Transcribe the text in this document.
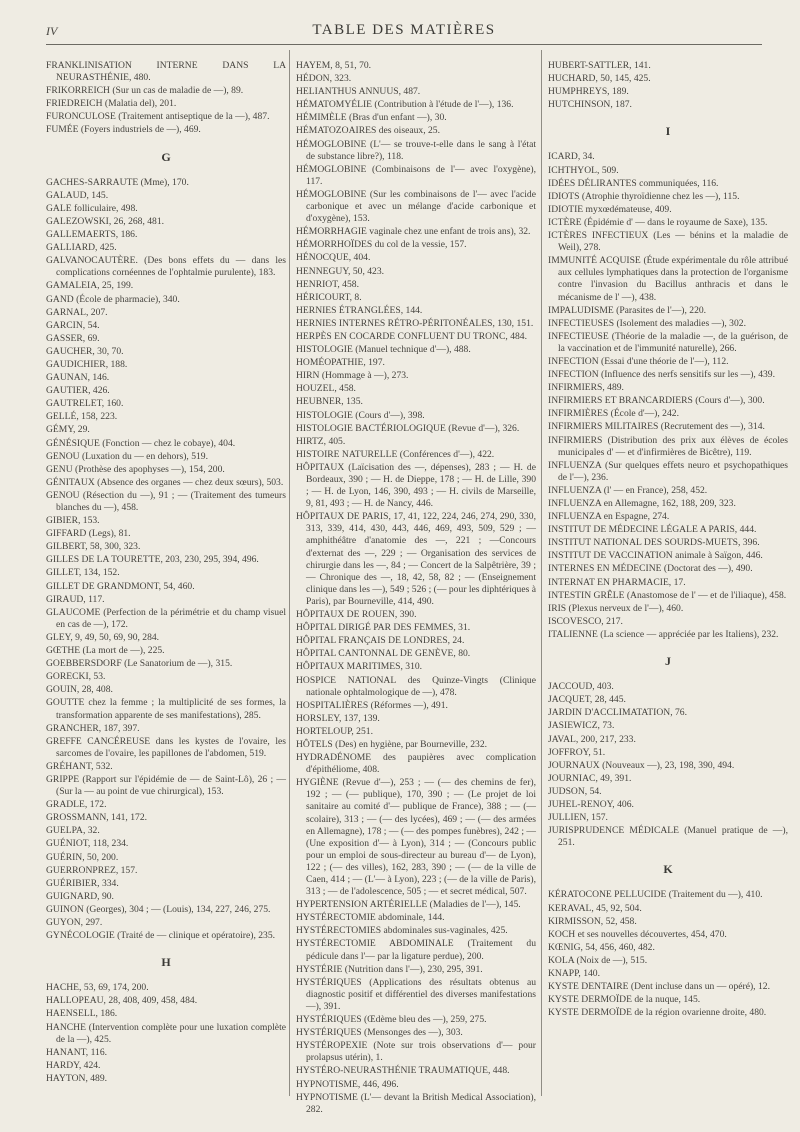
IV	TABLE DES MATIÈRES
FRANKLINISATION INTERNE DANS LA NEURASTHÉNIE, 480.
FRIKORREICH (Sur un cas de maladie de —), 89.
FRIEDREICH (Malatia del), 201.
FURONCULOSE (Traitement antiseptique de la —), 487.
FUMÉE (Foyers industriels de —), 469.
G
GACHES-SARRAUTE (Mme), 170.
GALAUD, 145.
GALE folliculaire, 498.
GALEZOWSKI, 26, 268, 481.
GALLEMAERTS, 186.
GALLIARD, 425.
GALVANOCAUTÈRE. (Des bons effets du — dans les complications cornéennes de l'ophtalmie purulente), 183.
GAMALEIA, 25, 199.
GAND (École de pharmacie), 340.
GARNAL, 207.
GARCIN, 54.
GASSER, 69.
GAUCHER, 30, 70.
GAUDICHIER, 188.
GAUNAN, 146.
GAUTIER, 426.
GAUTRELET, 160.
GELLÉ, 158, 223.
GÉMY, 29.
GÉNÉSIQUE (Fonction — chez le cobaye), 404.
GENOU (Luxation du — en dehors), 519.
GENU (Prothèse des apophyses —), 154, 200.
GÉNITAUX (Absence des organes — chez deux sœurs), 503.
GENOU (Résection du —), 91 ; — (Traitement des tumeurs blanches du —), 458.
GIBIER, 153.
GIFFARD (Legs), 81.
GILBERT, 58, 300, 323.
GILLES DE LA TOURETTE, 203, 230, 295, 394, 496.
GILLET, 134, 152.
GILLET DE GRANDMONT, 54, 460.
GIRAUD, 117.
GLAUCOME (Perfection de la périmétrie et du champ visuel en cas de —), 172.
GLEY, 9, 49, 50, 69, 90, 284.
GŒTHE (La mort de —), 225.
GOEBBERSDORF (Le Sanatorium de —), 315.
GORECKI, 53.
GOUIN, 28, 408.
GOUTTE chez la femme ; la multiplicité de ses formes, la transformation apparente de ses manifestations), 285.
GRANCHER, 187, 397.
GREFFE CANCÉREUSE dans les kystes de l'ovaire, les sarcomes de l'ovaire, les papillones de l'abdomen, 519.
GRÉHANT, 532.
GRIPPE (Rapport sur l'épidémie de — de Saint-Lô), 26 ; — (Sur la — au point de vue chirurgical), 153.
GRADLE, 172.
GROSSMANN, 141, 172.
GUELPA, 32.
GUÉNIOT, 118, 234.
GUÉRIN, 50, 200.
GUERRONPREZ, 157.
GUÉRIBIER, 334.
GUIGNARD, 90.
GUINON (Georges), 304 ; — (Louis), 134, 227, 246, 275.
GUYON, 297.
GYNÉCOLOGIE (Traité de — clinique et opératoire), 235.
H
HACHE, 53, 69, 174, 200.
HALLOPEAU, 28, 408, 409, 458, 484.
HAENSELL, 186.
HANCHE (Intervention complète pour une luxation complète de la —), 425.
HANANT, 116.
HARDY, 424.
HAYTON, 489.
HAYEM, 8, 51, 70.
HÉDON, 323.
HELIANTHUS ANNUUS, 487.
HÉMATOMYÉLIE (Contribution à l'étude de l'—), 136.
HÉMIMÈLE (Bras d'un enfant —), 30.
HÉMATOZOAIRES des oiseaux, 25.
HÉMOGLOBINE (L'— se trouve-t-elle dans le sang à l'état de substance libre?), 118.
HÉMOGLOBINE (Combinaisons de l'— avec l'oxygène), 117.
HÉMOGLOBINE (Sur les combinaisons de l'— avec l'acide carbonique et avec un mélange d'acide carbonique et d'oxygène), 153.
HÉMORRHAGIE vaginale chez une enfant de trois ans), 32.
HÉMORRHOÏDES du col de la vessie, 157.
HÉNOCQUE, 404.
HENNEGUY, 50, 423.
HENRIOT, 458.
HÉRICOURT, 8.
HERNIES ÉTRANGLÉES, 144.
HERNIES INTERNES RÉTRO-PÉRITONÉALES, 130, 151.
HERPÈS EN COCARDE CONFLUENT DU TRONC, 484.
HISTOLOGIE (Manuel technique d'—), 488.
HOMÉOPATHIE, 197.
HIRN (Hommage à —), 273.
HOUZEL, 458.
HEUBNER, 135.
HISTOLOGIE (Cours d'—), 398.
HISTOLOGIE BACTÉRIOLOGIQUE (Revue d'—), 326.
HIRTZ, 405.
HISTOIRE NATURELLE (Conférences d'—), 422.
HÔPITAUX (Laïcisation des —, dépenses), 283 ; — H. de Bordeaux, 390 ; — H. de Dieppe, 178 ; — H. de Lille, 390 ; — H. de Lyon, 146, 390, 493 ; — H. civils de Marseille, 9, 81, 493 ; — H. de Nancy, 446.
HÔPITAUX DE PARIS, 17, 41, 122, 224, 246, 274, 290, 330, 313, 339, 414, 430, 443, 446, 469, 493, 509, 529 ; —amphithéâtre d'anatomie des —, 221 ; —Concours d'externat des —, 229 ; — Organisation des services de chirurgie dans les —, 84 ; — Concert de la Salpêtrière, 39 ; — Chronique des —, 18, 42, 58, 82 ; — (Enseignement clinique dans les —), 549 ; 526 ; (— pour les diphtériques à Paris), par Bourneville, 414, 490.
HÔPITAUX DE ROUEN, 390.
HÔPITAL DIRIGÉ PAR DES FEMMES, 31.
HÔPITAL FRANÇAIS DE LONDRES, 24.
HÔPITAL CANTONNAL DE GENÈVE, 80.
HÔPITAUX MARITIMES, 310.
HOSPICE NATIONAL des Quinze-Vingts (Clinique nationale ophtalmologique de —), 478.
HOSPITALIÈRES (Réformes —), 491.
HORSLEY, 137, 139.
HORTELOUP, 251.
HÔTELS (Des) en hygiène, par Bourneville, 232.
HYDRADÉNOME des paupières avec complication d'épithéliome, 408.
HYGIÈNE (Revue d'—), 253 ; — (— des chemins de fer), 192 ; — (— publique), 170, 390 ; — (Le projet de loi sanitaire au comité d'— publique de France), 388 ; — (— scolaire), 313 ; — (— des lycées), 469 ; — (— des armées en Allemagne), 178 ; — (— des pompes funèbres), 242 ; — (Une exposition d'— à Lyon), 314 ; — (Concours public pour un emploi de sous-directeur au bureau d'— de Lyon), 122 ; (— des villes), 162, 283, 390 ; — (— de la ville de Caen, 414 ; — (L'— à Lyon), 223 ; (— de la ville de Paris), 313 ; — de l'adolescence, 505 ; — et secret médical, 507.
HYPERTENSION ARTÉRIELLE (Maladies de l'—), 145.
HYSTÉRECTOMIE abdominale, 144.
HYSTÉRECTOMIES abdominales sus-vaginales, 425.
HYSTÉRECTOMIE ABDOMINALE (Traitement du pédicule dans l'— par la ligature perdue), 200.
HYSTÉRIE (Nutrition dans l'—), 230, 295, 391.
HYSTÉRIQUES (Applications des résultats obtenus au diagnostic positif et différentiel des diverses manifestations —), 391.
HYSTÉRIQUES (Œdème bleu des —), 259, 275.
HYSTÉRIQUES (Mensonges des —), 303.
HYSTÉROPEXIE (Note sur trois observations d'— pour prolapsus utérin), 1.
HYSTÉRO-NEURASTHÉNIE TRAUMATIQUE, 448.
HYPNOTISME, 446, 496.
HYPNOTISME (L'— devant la British Medical Association), 282.
HUBERT-SATTLER, 141.
HUCHARD, 50, 145, 425.
HUMPHREYS, 189.
HUTCHINSON, 187.
I
ICARD, 34.
ICHTHYOL, 509.
IDÉES DÉLIRANTES communiquées, 116.
IDIOTS (Atrophie thyroïdienne chez les —), 115.
IDIOTIE myxœdémateuse, 409.
ICTÈRE (Épidémie d' — dans le royaume de Saxe), 135.
ICTÈRES INFECTIEUX (Les — bénins et la maladie de Weil), 278.
IMMUNITÉ ACQUISE (Étude expérimentale du rôle attribué aux cellules lymphatiques dans la protection de l'organisme contre l'invasion du Bacillus anthracis et dans le mécanisme de l' —), 438.
IMPALUDISME (Parasites de l'—), 220.
INFECTIEUSES (Isolement des maladies —), 302.
INFECTIEUSE (Théorie de la maladie —, de la guérison, de la vaccination et de l'immunité naturelle), 266.
INFECTION (Essai d'une théorie de l'—), 112.
INFECTION (Influence des nerfs sensitifs sur les —), 439.
INFIRMIERS, 489.
INFIRMIERS ET BRANCARDIERS (Cours d'—), 300.
INFIRMIÈRES (École d'—), 242.
INFIRMIERS MILITAIRES (Recrutement des —), 314.
INFIRMIERS (Distribution des prix aux élèves de écoles municipales d' — et d'infirmières de Bicêtre), 119.
INFLUENZA (Sur quelques effets neuro et psychopathiques de l'—), 236.
INFLUENZA (l' — en France), 258, 452.
INFLUENZA en Allemagne, 162, 188, 209, 323.
INFLUENZA en Espagne, 274.
INSTITUT DE MÉDECINE LÉGALE A PARIS, 444.
INSTITUT NATIONAL DES SOURDS-MUETS, 396.
INSTITUT DE VACCINATION animale à Saïgon, 446.
INTERNES EN MÉDECINE (Doctorat des —), 490.
INTERNAT EN PHARMACIE, 17.
INTESTIN GRÊLE (Anastomose de l' — et de l'iliaque), 458.
IRIS (Plexus nerveux de l'—), 460.
ISCOVESCO, 217.
ITALIENNE (La science — appréciée par les Italiens), 232.
J
JACCOUD, 403.
JACQUET, 28, 445.
JARDIN D'ACCLIMATATION, 76.
JASIEWICZ, 73.
JAVAL, 200, 217, 233.
JOFFROY, 51.
JOURNAUX (Nouveaux —), 23, 198, 390, 494.
JOURNIAC, 49, 391.
JUDSON, 54.
JUHEL-RENOY, 406.
JULLIEN, 157.
JURISPRUDENCE MÉDICALE (Manuel pratique de —), 251.
K
KÉRATOCONE PELLUCIDE (Traitement du —), 410.
KERAVAL, 45, 92, 504.
KIRMISSON, 52, 458.
KOCH et ses nouvelles découvertes, 454, 470.
KŒNIG, 54, 456, 460, 482.
KOLA (Noix de —), 515.
KNAPP, 140.
KYSTE DENTAIRE (Dent incluse dans un — opéré), 12.
KYSTE DERMOÏDE de la nuque, 145.
KYSTE DERMOÏDE de la région ovarienne droite, 480.
